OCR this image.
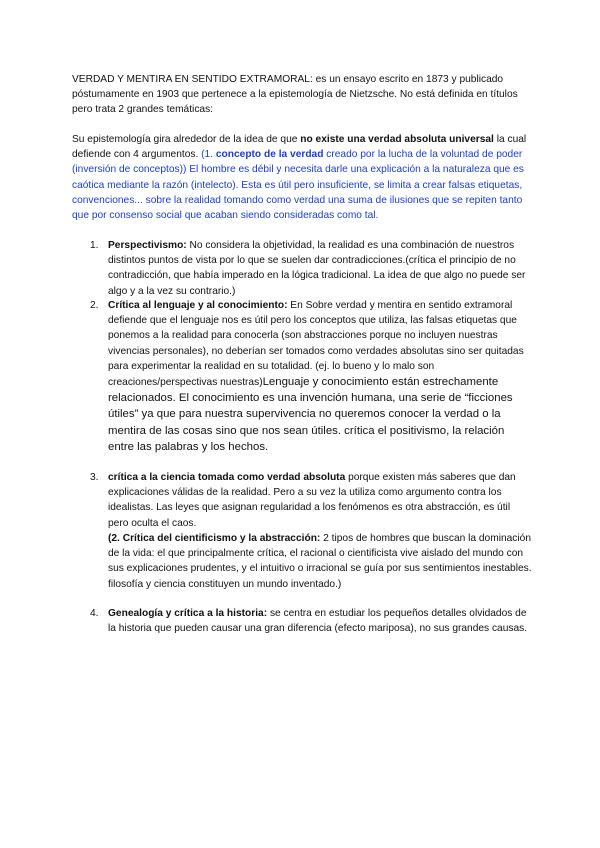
VERDAD Y MENTIRA EN SENTIDO EXTRAMORAL: es un ensayo escrito en 1873 y publicado póstumamente en 1903 que pertenece a la epistemología de Nietzsche. No está definida en títulos pero trata 2 grandes temáticas:
Su epistemología gira alrededor de la idea de que no existe una verdad absoluta universal la cual defiende con 4 argumentos. (1. concepto de la verdad creado por la lucha de la voluntad de poder (inversión de conceptos)) El hombre es débil y necesita darle una explicación a la naturaleza que es caótica mediante la razón (intelecto). Esta es útil pero insuficiente, se limita a crear falsas etiquetas, convenciones... sobre la realidad tomando como verdad una suma de ilusiones que se repiten tanto que por consenso social que acaban siendo consideradas como tal.
1. Perspectivismo: No considera la objetividad, la realidad es una combinación de nuestros distintos puntos de vista por lo que se suelen dar contradicciones.(crítica el principio de no contradicción, que había imperado en la lógica tradicional. La idea de que algo no puede ser algo y a la vez su contrario.)
2. Crítica al lenguaje y al conocimiento: En Sobre verdad y mentira en sentido extramoral defiende que el lenguaje nos es útil pero los conceptos que utiliza, las falsas etiquetas que ponemos a la realidad para conocerla (son abstracciones porque no incluyen nuestras vivencias personales), no deberían ser tomados como verdades absolutas sino ser quitadas para experimentar la realidad en su totalidad. (ej. lo bueno y lo malo son creaciones/perspectivas nuestras)Lenguaje y conocimiento están estrechamente relacionados. El conocimiento es una invención humana, una serie de “ficciones útiles” ya que para nuestra supervivencia no queremos conocer la verdad o la mentira de las cosas sino que nos sean útiles. crítica el positivismo, la relación entre las palabras y los hechos.
3. crítica a la ciencia tomada como verdad absoluta porque existen más saberes que dan explicaciones válidas de la realidad. Pero a su vez la utiliza como argumento contra los idealistas. Las leyes que asignan regularidad a los fenómenos es otra abstracción, es útil pero oculta el caos.
(2. Crítica del cientificismo y la abstracción: 2 tipos de hombres que buscan la dominación de la vida: el que principalmente crítica, el racional o cientificista vive aislado del mundo con sus explicaciones prudentes, y el intuitivo o irracional se guía por sus sentimientos inestables. filosofía y ciencia constituyen un mundo inventado.)
4. Genealogía y crítica a la historia: se centra en estudiar los pequeños detalles olvidados de la historia que pueden causar una gran diferencia (efecto mariposa), no sus grandes causas.
